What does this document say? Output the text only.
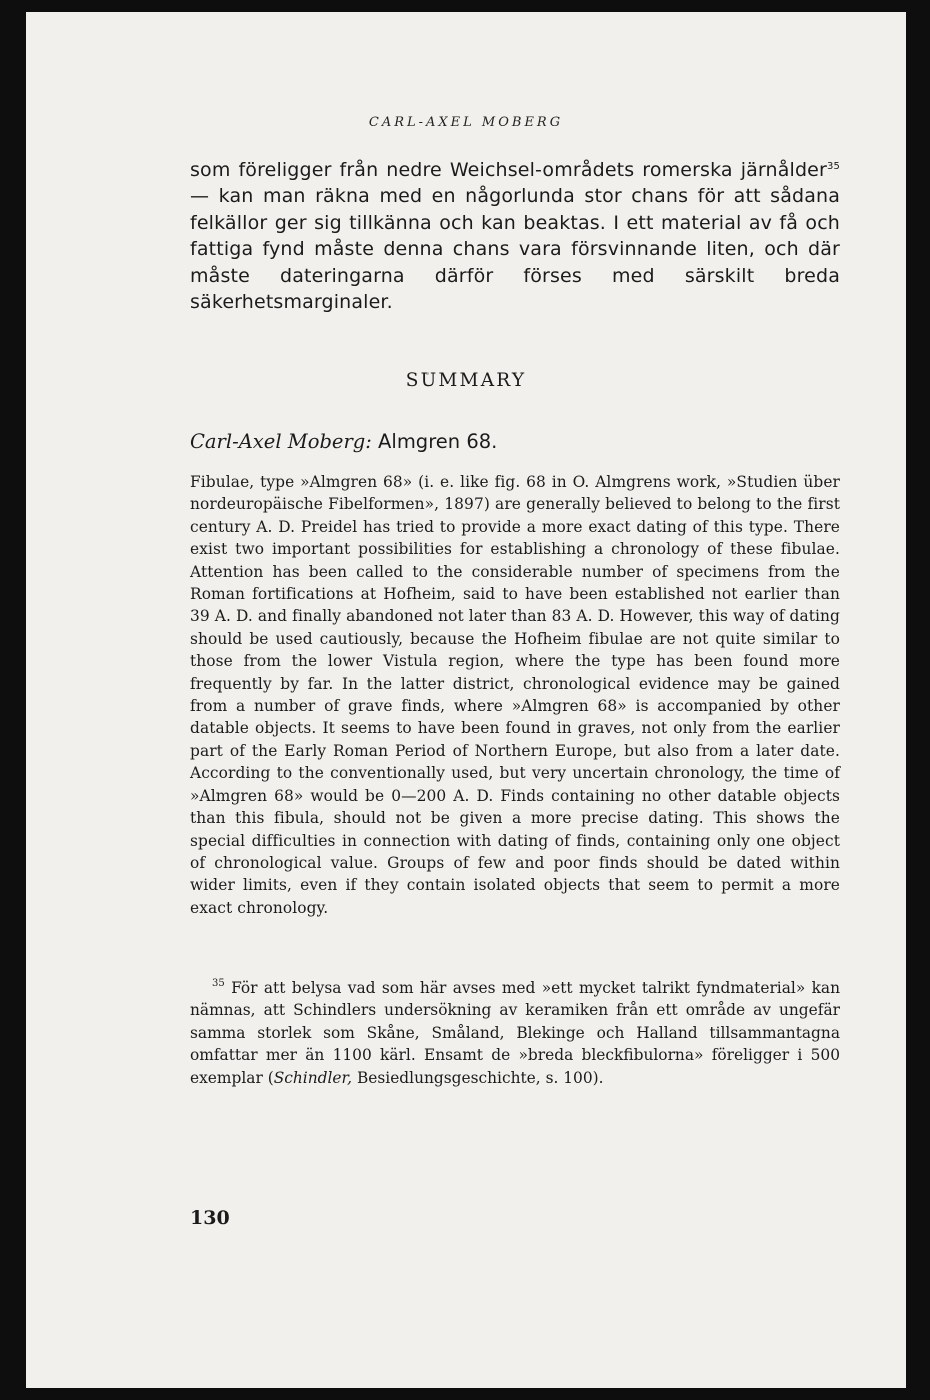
CARL-AXEL MOBERG

som föreligger från nedre Weichsel-områdets romerska järnålder$^{35}$ — kan man räkna med en någorlunda stor chans för att sådana felkällor ger sig tillkänna och kan beaktas. I ett material av få och fattiga fynd måste denna chans vara försvinnande liten, och där måste dateringarna därför förses med särskilt breda säkerhetsmarginaler.

SUMMARY
Carl-Axel Moberg: Almgren 68.

Fibulae, type »Almgren 68» (i. e. like fig. 68 in O. Almgrens work, »Studien über nordeuropäische Fibelformen», 1897) are generally believed to belong to the first century A. D. Preidel has tried to provide a more exact dating of this type. There exist two important possibilities for establishing a chronology of these fibulae. Attention has been called to the considerable number of specimens from the Roman fortifications at Hofheim, said to have been established not earlier than 39 A. D. and finally abandoned not later than 83 A. D. However, this way of dating should be used cautiously, because the Hofheim fibulae are not quite similar to those from the lower Vistula region, where the type has been found more frequently by far. In the latter district, chronological evidence may be gained from a number of grave finds, where »Almgren 68» is accompanied by other datable objects. It seems to have been found in graves, not only from the earlier part of the Early Roman Period of Northern Europe, but also from a later date. According to the conventionally used, but very uncertain chronology, the time of »Almgren 68» would be 0—200 A. D. Finds containing no other datable objects than this fibula, should not be given a more precise dating. This shows the special difficulties in connection with dating of finds, containing only one object of chronological value. Groups of few and poor finds should be dated within wider limits, even if they contain isolated objects that seem to permit a more exact chronology.

$^{35}$ För att belysa vad som här avses med »ett mycket talrikt fyndmaterial» kan nämnas, att Schindlers undersökning av keramiken från ett område av ungefär samma storlek som Skåne, Småland, Blekinge och Halland tillsammantagna omfattar mer än 1100 kärl. Ensamt de »breda bleckfibulorna» föreligger i 500 exemplar (Schindler, Besiedlungsgeschichte, s. 100).

130
